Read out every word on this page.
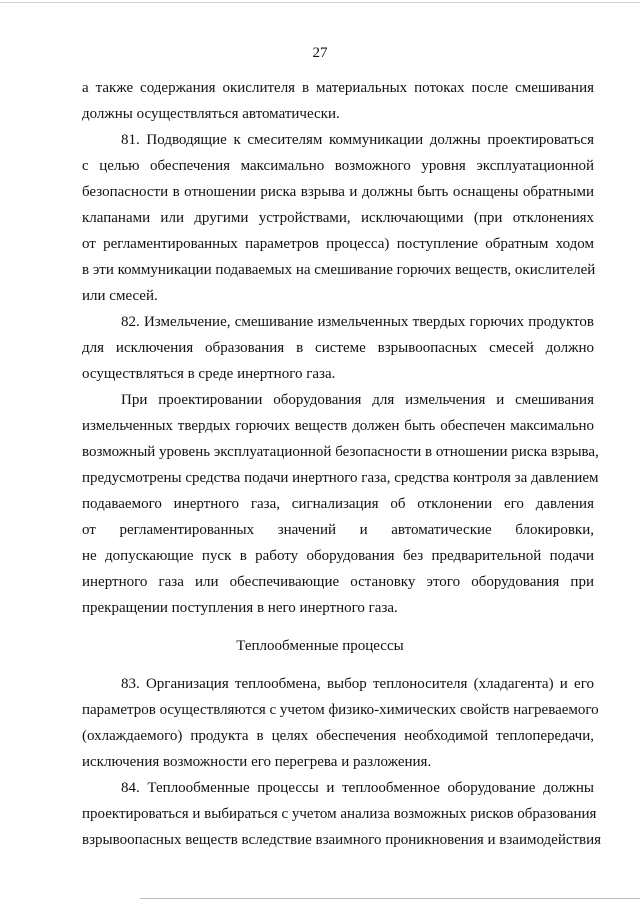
27
а также содержания окислителя в материальных потоках после смешивания
должны осуществляться автоматически.
81. Подводящие к смесителям коммуникации должны проектироваться
с целью обеспечения максимально возможного уровня эксплуатационной
безопасности в отношении риска взрыва и должны быть оснащены обратными
клапанами или другими устройствами, исключающими (при отклонениях
от регламентированных параметров процесса) поступление обратным ходом
в эти коммуникации подаваемых на смешивание горючих веществ, окислителей
или смесей.
82. Измельчение, смешивание измельченных твердых горючих продуктов
для исключения образования в системе взрывоопасных смесей должно
осуществляться в среде инертного газа.
При проектировании оборудования для измельчения и смешивания
измельченных твердых горючих веществ должен быть обеспечен максимально
возможный уровень эксплуатационной безопасности в отношении риска взрыва,
предусмотрены средства подачи инертного газа, средства контроля за давлением
подаваемого инертного газа, сигнализация об отклонении его давления
от регламентированных значений и автоматические блокировки,
не допускающие пуск в работу оборудования без предварительной подачи
инертного газа или обеспечивающие остановку этого оборудования при
прекращении поступления в него инертного газа.
Теплообменные процессы
83. Организация теплообмена, выбор теплоносителя (хладагента) и его
параметров осуществляются с учетом физико-химических свойств нагреваемого
(охлаждаемого) продукта в целях обеспечения необходимой теплопередачи,
исключения возможности его перегрева и разложения.
84. Теплообменные процессы и теплообменное оборудование должны
проектироваться и выбираться с учетом анализа возможных рисков образования
взрывоопасных веществ вследствие взаимного проникновения и взаимодействия
